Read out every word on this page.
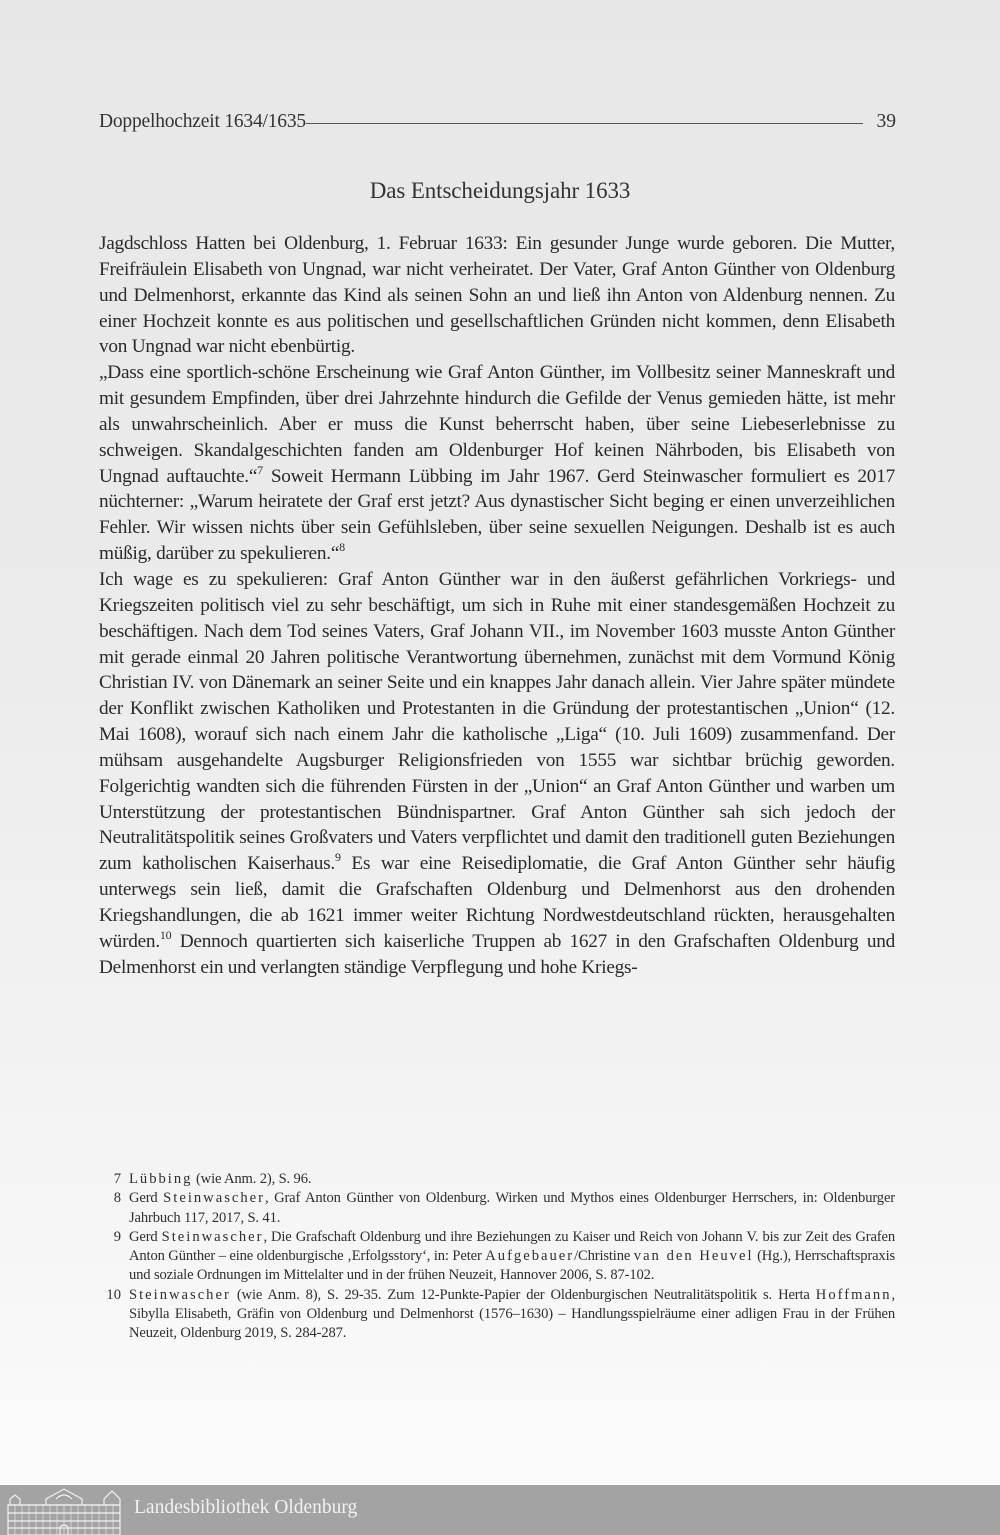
Doppelhochzeit 1634/1635	39
Das Entscheidungsjahr 1633

Jagdschloss Hatten bei Oldenburg, 1. Februar 1633: Ein gesunder Junge wurde geboren. Die Mutter, Freifräulein Elisabeth von Ungnad, war nicht verheiratet. Der Vater, Graf Anton Günther von Oldenburg und Delmenhorst, erkannte das Kind als seinen Sohn an und ließ ihn Anton von Aldenburg nennen. Zu einer Hochzeit konnte es aus politischen und gesellschaftlichen Gründen nicht kommen, denn Elisabeth von Ungnad war nicht ebenbürtig.

„Dass eine sportlich-schöne Erscheinung wie Graf Anton Günther, im Vollbesitz seiner Manneskraft und mit gesundem Empfinden, über drei Jahrzehnte hindurch die Gefilde der Venus gemieden hätte, ist mehr als unwahrscheinlich. Aber er muss die Kunst beherrscht haben, über seine Liebeserlebnisse zu schweigen. Skandalgeschichten fanden am Oldenburger Hof keinen Nährboden, bis Elisabeth von Ungnad auftauchte.“$^7$ Soweit Hermann Lübbing im Jahr 1967. Gerd Steinwascher formuliert es 2017 nüchterner: „Warum heiratete der Graf erst jetzt? Aus dynastischer Sicht beging er einen unverzeihlichen Fehler. Wir wissen nichts über sein Gefühlsleben, über seine sexuellen Neigungen. Deshalb ist es auch müßig, darüber zu spekulieren.“$^8$

Ich wage es zu spekulieren: Graf Anton Günther war in den äußerst gefährlichen Vorkriegs- und Kriegszeiten politisch viel zu sehr beschäftigt, um sich in Ruhe mit einer standesgemäßen Hochzeit zu beschäftigen. Nach dem Tod seines Vaters, Graf Johann VII., im November 1603 musste Anton Günther mit gerade einmal 20 Jahren politische Verantwortung übernehmen, zunächst mit dem Vormund König Christian IV. von Dänemark an seiner Seite und ein knappes Jahr danach allein. Vier Jahre später mündete der Konflikt zwischen Katholiken und Protestanten in die Gründung der protestantischen „Union“ (12. Mai 1608), worauf sich nach einem Jahr die katholische „Liga“ (10. Juli 1609) zusammenfand. Der mühsam ausgehandelte Augsburger Religionsfrieden von 1555 war sichtbar brüchig geworden. Folgerichtig wandten sich die führenden Fürsten in der „Union“ an Graf Anton Günther und warben um Unterstützung der protestantischen Bündnispartner. Graf Anton Günther sah sich jedoch der Neutralitätspolitik seines Großvaters und Vaters verpflichtet und damit den traditionell guten Beziehungen zum katholischen Kaiserhaus.$^9$ Es war eine Reisediplomatie, die Graf Anton Günther sehr häufig unterwegs sein ließ, damit die Grafschaften Oldenburg und Delmenhorst aus den drohenden Kriegshandlungen, die ab 1621 immer weiter Richtung Nordwestdeutschland rückten, herausgehalten würden.$^{10}$ Dennoch quartierten sich kaiserliche Truppen ab 1627 in den Grafschaften Oldenburg und Delmenhorst ein und verlangten ständige Verpflegung und hohe Kriegs-

7 Lübbing (wie Anm. 2), S. 96.
8 Gerd Steinwascher, Graf Anton Günther von Oldenburg. Wirken und Mythos eines Oldenburger Herrschers, in: Oldenburger Jahrbuch 117, 2017, S. 41.
9 Gerd Steinwascher, Die Grafschaft Oldenburg und ihre Beziehungen zu Kaiser und Reich von Johann V. bis zur Zeit des Grafen Anton Günther – eine oldenburgische ‚Erfolgsstory‘, in: Peter Aufgebauer/Christine van den Heuvel (Hg.), Herrschaftspraxis und soziale Ordnungen im Mittelalter und in der frühen Neuzeit, Hannover 2006, S. 87-102.
10 Steinwascher (wie Anm. 8), S. 29-35. Zum 12-Punkte-Papier der Oldenburgischen Neutralitätspolitik s. Herta Hoffmann, Sibylla Elisabeth, Gräfin von Oldenburg und Delmenhorst (1576–1630) – Handlungsspielräume einer adligen Frau in der Frühen Neuzeit, Oldenburg 2019, S. 284-287.
Landesbibliothek Oldenburg
